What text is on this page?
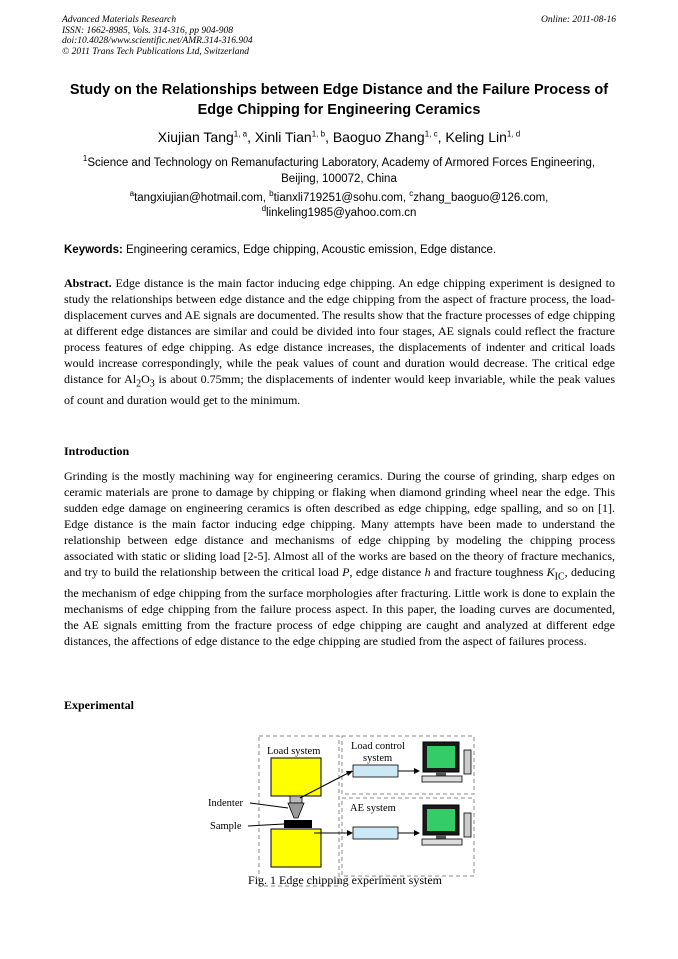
Advanced Materials Research
ISSN: 1662-8985, Vols. 314-316, pp 904-908
doi:10.4028/www.scientific.net/AMR.314-316.904
© 2011 Trans Tech Publications Ltd, Switzerland
Online: 2011-08-16
Study on the Relationships between Edge Distance and the Failure Process of Edge Chipping for Engineering Ceramics
Xiujian Tang$^{1, a}$, Xinli Tian$^{1, b}$, Baoguo Zhang$^{1, c}$, Keling Lin$^{1, d}$
$^1$Science and Technology on Remanufacturing Laboratory, Academy of Armored Forces Engineering, Beijing, 100072, China
$^a$tangxiujian@hotmail.com, $^b$tianxli719251@sohu.com, $^c$zhang_baoguo@126.com,
$^d$linkeling1985@yahoo.com.cn
Keywords: Engineering ceramics, Edge chipping, Acoustic emission, Edge distance.
Abstract. Edge distance is the main factor inducing edge chipping. An edge chipping experiment is designed to study the relationships between edge distance and the edge chipping from the aspect of fracture process, the load-displacement curves and AE signals are documented. The results show that the fracture processes of edge chipping at different edge distances are similar and could be divided into four stages, AE signals could reflect the fracture process features of edge chipping. As edge distance increases, the displacements of indenter and critical loads would increase correspondingly, while the peak values of count and duration would decrease. The critical edge distance for $Al_2O_3$ is about 0.75mm; the displacements of indenter would keep invariable, while the peak values of count and duration would get to the minimum.
Introduction
Grinding is the mostly machining way for engineering ceramics. During the course of grinding, sharp edges on ceramic materials are prone to damage by chipping or flaking when diamond grinding wheel near the edge. This sudden edge damage on engineering ceramics is often described as edge chipping, edge spalling, and so on [1]. Edge distance is the main factor inducing edge chipping. Many attempts have been made to understand the relationship between edge distance and mechanisms of edge chipping by modeling the chipping process associated with static or sliding load [2-5]. Almost all of the works are based on the theory of fracture mechanics, and try to build the relationship between the critical load P, edge distance h and fracture toughness $K_{IC}$, deducing the mechanism of edge chipping from the surface morphologies after fracturing. Little work is done to explain the mechanisms of edge chipping from the failure process aspect. In this paper, the loading curves are documented, the AE signals emitting from the fracture process of edge chipping are caught and analyzed at different edge distances, the affections of edge distance to the edge chipping are studied from the aspect of failures process.
Experimental
Load system	Load control
system
AE system
Indenter
Sample
Fig. 1 Edge chipping experiment system
